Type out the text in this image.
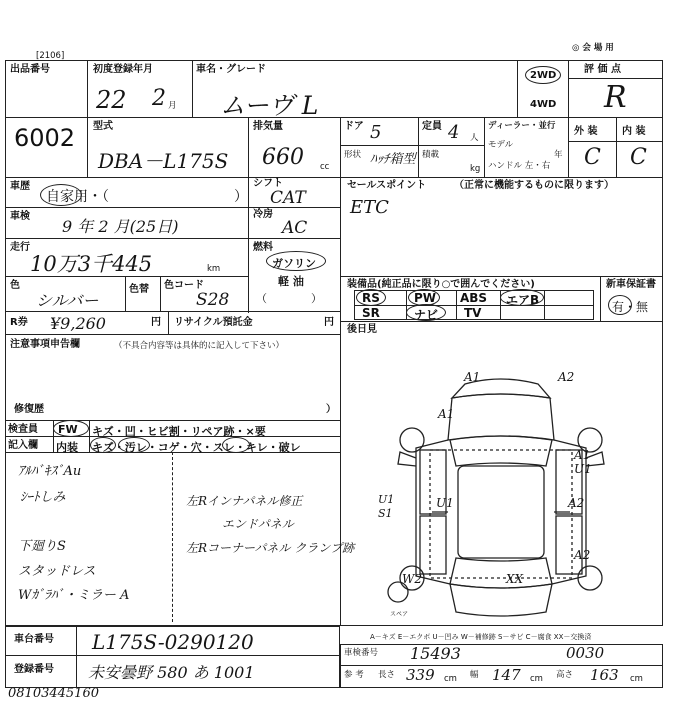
[2106]
◎ 会 場 用
出品番号
6002
初度登録年月
22 2 月
車名・グレード
ムーヴ L
2WD
4WD
評 価 点
R
型式
DBA－L175S
排気量
660 cc
ドア 5	定員 4 人
形状 ﾊｯﾁ箱型 積載
kg
ディーラー・並行
モデル
年
ハンドル 左・右
外 装 内 装
C C
車歴
自家用・（	）
シフト
CAT
車検
9 年 2 月(25日)
冷房
AC
走行
10万3千445	km
燃料
ガソリン
軽 油
（　　　　）
色
シルバー
色替 色コード
S28
R券 ¥9,260	円 リサイクル預託金	円
セールスポイント	（正常に機能するものに限ります）
ETC
装備品(純正品に限り○で囲んでください)	新車保証書
有・無
RS	PW ABS エアB
SR	ナビ TV
後日見
注意事項申告欄	（不具合内容等は具体的に記入して下さい）
修復歴	）
検査員
記入欄
FW キズ・凹・ヒビ割・リペア跡・×要
内装 キズ・汚レ・コゲ・穴・スレ・キレ・破レ
ｱﾙﾊﾞｷｽﾞAu
ｼｰﾄしみ
下廻りS
スタッドレス
Wｶﾞﾗﾊﾞ・ミラー A
左Rインナパネル修正
エンドパネル
左Rコーナーパネル クランプ跡
A1	A2
A1
A1
U1
U1
S1
U1	A2
A2
W2	XX
スペア
車台番号 L175S-0290120
登録番号 未安曇野 580 あ 1001
A－キズ E－エクボ U－凹み W－補修跡 S－サビ C－腐食 XX－交換済
車検番号 15493	0030
参 考 長さ 339 cm 幅 147 cm 高さ 163 cm
08103445160
